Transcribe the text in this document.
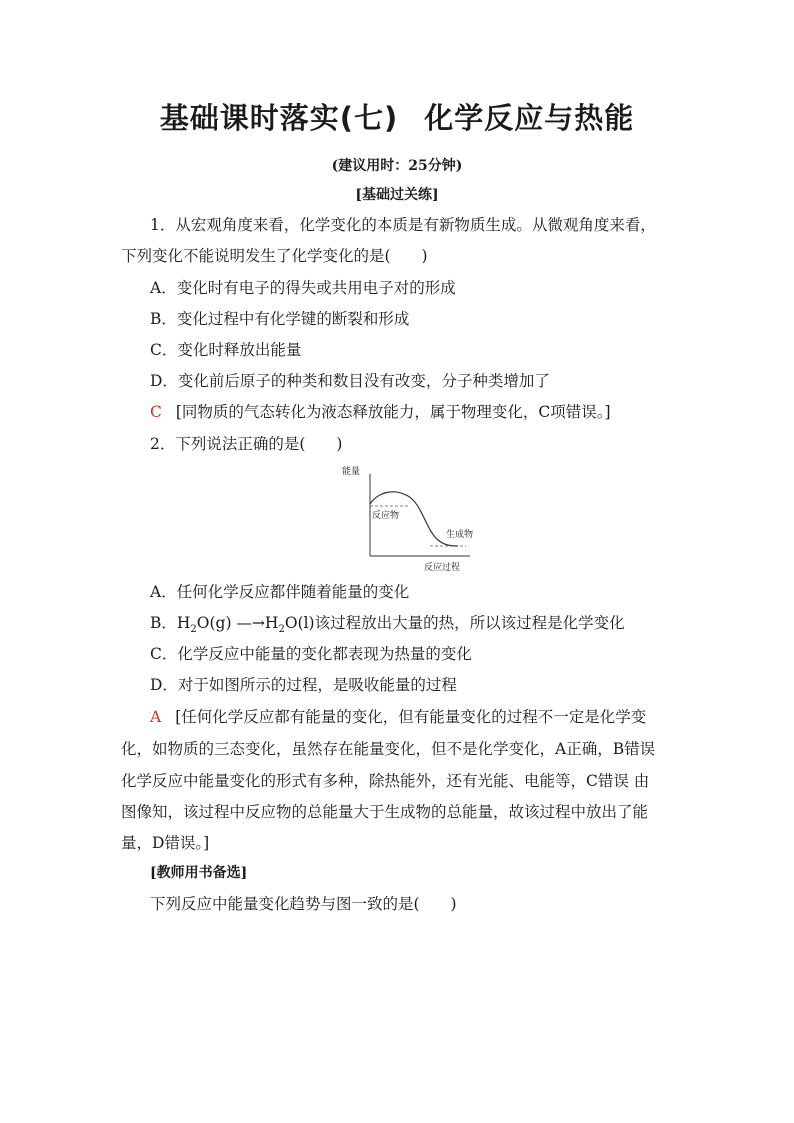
基础课时落实(七) 化学反应与热能
(建议用时：25分钟)
[基础过关练]
1．从宏观角度来看，化学变化的本质是有新物质生成。从微观角度来看，
下列变化不能说明发生了化学变化的是(　　)
A．变化时有电子的得失或共用电子对的形成
B．变化过程中有化学键的断裂和形成
C．变化时释放出能量
D．变化前后原子的种类和数目没有改变，分子种类增加了
C [同物质的气态转化为液态释放能力，属于物理变化，C项错误。]
2．下列说法正确的是(　　)
能量
反应物
生成物
反应过程
A．任何化学反应都伴随着能量的变化
B．$H_2O(g)$ $—\to H_2O(l)$该过程放出大量的热，所以该过程是化学变化
C．化学反应中能量的变化都表现为热量的变化
D．对于如图所示的过程，是吸收能量的过程
A [任何化学反应都有能量的变化，但有能量变化的过程不一定是化学变
化，如物质的三态变化，虽然存在能量变化，但不是化学变化，A正确，B错误
化学反应中能量变化的形式有多种，除热能外，还有光能、电能等，C错误 由
图像知，该过程中反应物的总能量大于生成物的总能量，故该过程中放出了能
量，D错误。]
[教师用书备选]
下列反应中能量变化趋势与图一致的是(　　)
